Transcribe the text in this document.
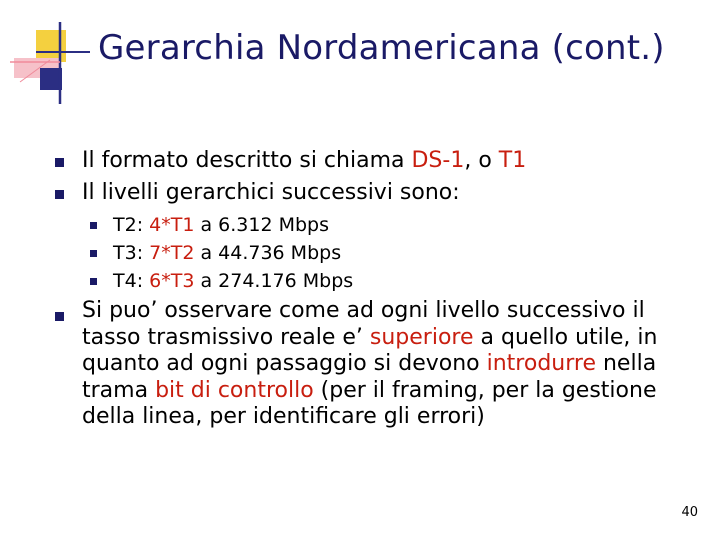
Gerarchia Nordamericana (cont.)
Il formato descritto si chiama DS-1, o T1
Il livelli gerarchici successivi sono:
T2: 4*T1 a 6.312 Mbps
T3: 7*T2 a 44.736 Mbps
T4: 6*T3 a 274.176 Mbps
Si puo’ osservare come ad ogni livello successivo il tasso trasmissivo reale e’ superiore a quello utile, in quanto ad ogni passaggio si devono introdurre nella trama bit di controllo (per il framing, per la gestione della linea, per identificare gli errori)
40
